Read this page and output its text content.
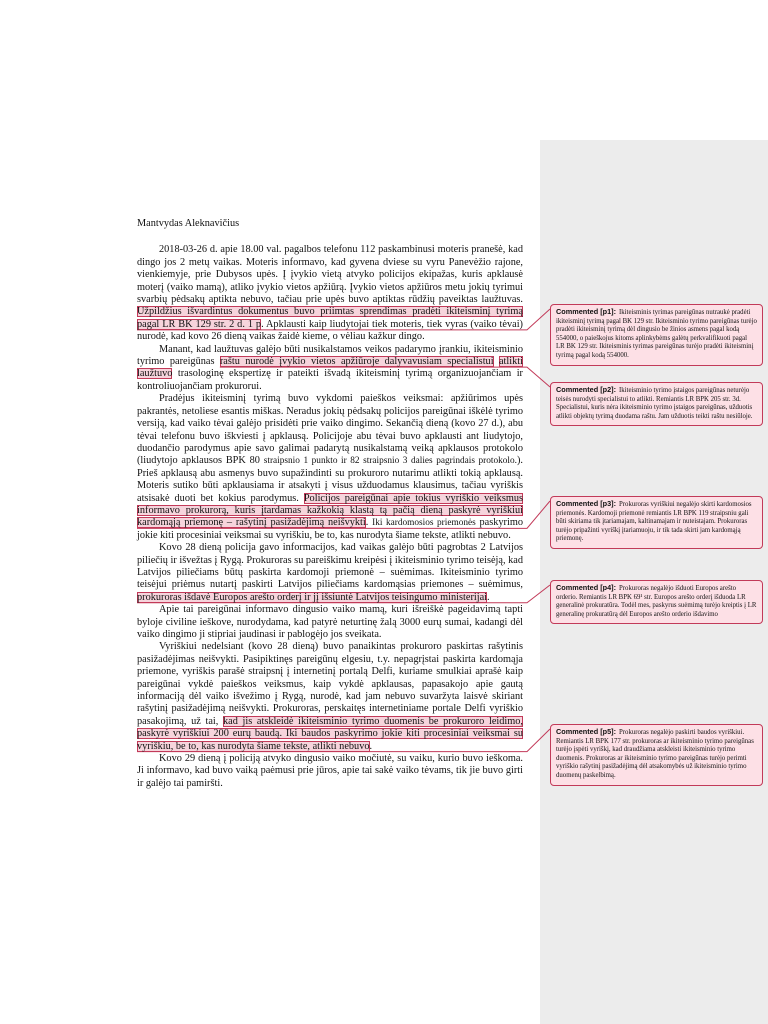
Mantvydas Aleknavičius

2018-03-26 d. apie 18.00 val. pagalbos telefonu 112 paskambinusi moteris pranešė, kad dingo jos 2 metų vaikas. Moteris informavo, kad gyvena dviese su vyru Panevėžio rajone, vienkiemyje, prie Dubysos upės. Į įvykio vietą atvyko policijos ekipažas, kuris apklausė moterį (vaiko mamą), atliko įvykio vietos apžiūrą. Įvykio vietos apžiūros metu jokių tyrimui svarbių pėdsakų aptikta nebuvo, tačiau prie upės buvo aptiktas rūdžių paveiktas laužtuvas. Užpildžius išvardintus dokumentus buvo priimtas sprendimas pradėti ikiteisminį tyrimą pagal LR BK 129 str. 2 d. 1 p. Apklausti kaip liudytojai tiek moteris, tiek vyras (vaiko tėvai) nurodė, kad kovo 26 dieną vaikas žaidė kieme, o vėliau kažkur dingo.

Manant, kad laužtuvas galėjo būti nusikalstamos veikos padarymo įrankiu, ikiteisminio tyrimo pareigūnas raštu nurodė įvykio vietos apžiūroje dalyvavusiam specialistui atlikti laužtuvo trasologinę ekspertizę ir pateikti išvadą ikiteisminį tyrimą organizuojančiam ir kontroliuojančiam prokurorui.

Pradėjus ikiteisminį tyrimą buvo vykdomi paieškos veiksmai: apžiūrimos upės pakrantės, netoliese esantis miškas. Neradus jokių pėdsakų policijos pareigūnai iškėlė tyrimo versiją, kad vaiko tėvai galėjo prisidėti prie vaiko dingimo. Sekančią dieną (kovo 27 d.), abu tėvai telefonu buvo iškviesti į apklausą. Policijoje abu tėvai buvo apklausti ant liudytojo, duodančio parodymus apie savo galimai padarytą nusikalstamą veiką apklausos protokolo (liudytojo apklausos BPK 80 straipsnio 1 punkto ir 82 straipsnio 3 dalies pagrindais protokolo.). Prieš apklausą abu asmenys buvo supažindinti su prokuroro nutarimu atlikti tokią apklausą. Moteris sutiko būti apklausiama ir atsakyti į visus užduodamus klausimus, tačiau vyriškis atsisakė duoti bet kokius parodymus. Policijos pareigūnai apie tokius vyriškio veiksmus informavo prokurorą, kuris įtardamas kažkokią klastą tą pačią dieną paskyrė vyriškiui kardomąją priemonę – rašytinį pasižadėjimą neišvykti. Iki kardomosios priemonės paskyrimo jokie kiti procesiniai veiksmai su vyriškiu, be to, kas nurodyta šiame tekste, atlikti nebuvo.

Kovo 28 dieną policija gavo informacijos, kad vaikas galėjo būti pagrobtas 2 Latvijos piliečių ir išvežtas į Rygą. Prokuroras su pareiškimu kreipėsi į ikiteisminio tyrimo teisėją, kad Latvijos piliečiams būtų paskirta kardomoji priemonė – suėmimas. Ikiteisminio tyrimo teisėjui priėmus nutartį paskirti Latvijos piliečiams kardomąsias priemones – suėmimus, prokuroras išdavė Europos arešto orderį ir jį išsiuntė Latvijos teisingumo ministerijai.

Apie tai pareigūnai informavo dingusio vaiko mamą, kuri išreiškė pageidavimą tapti byloje civiline ieškove, nurodydama, kad patyrė neturtinę žalą 3000 eurų sumai, kadangi dėl vaiko dingimo ji stipriai jaudinasi ir pablogėjo jos sveikata.

Vyriškiui nedelsiant (kovo 28 dieną) buvo panaikintas prokuroro paskirtas rašytinis pasižadėjimas neišvykti. Pasipiktinęs pareigūnų elgesiu, t.y. nepagrįstai paskirta kardomąja priemone, vyriškis parašė straipsnį į internetinį portalą Delfi, kuriame smulkiai aprašė kaip pareigūnai vykdė paieškos veiksmus, kaip vykdė apklausas, papasakojo apie gautą informaciją dėl vaiko išvežimo į Rygą, nurodė, kad jam nebuvo suvaržyta laisvė skiriant rašytinį pasižadėjimą neišvykti. Prokuroras, perskaitęs internetiniame portale Delfi vyriškio pasakojimą, už tai, kad jis atskleidė ikiteisminio tyrimo duomenis be prokuroro leidimo, paskyrė vyriškiui 200 eurų baudą. Iki baudos paskyrimo jokie kiti procesiniai veiksmai su vyriškiu, be to, kas nurodyta šiame tekste, atlikti nebuvo.

Kovo 29 dieną į policiją atvyko dingusio vaiko močiutė, su vaiku, kurio buvo ieškoma. Ji informavo, kad buvo vaiką paėmusi prie jūros, apie tai sakė vaiko tėvams, tik jie buvo girti ir galėjo tai pamiršti.

Commented [p1]: Ikiteisminis tyrimas pareigūnas nutraukė pradėti ikiteisminį tyrimą pagal BK 129 str. Ikiteisminio tyrimo pareigūnas turėjo pradėti ikiteisminį tyrimą dėl dingusio be žinios asmens pagal kodą 554000, o paieškojus kitoms aplinkybėms galėtų perkvalifikuoti pagal LR BK 129 str. Ikiteisminis tyrimas pareigūnas turėjo pradėti ikiteisminį tyrimą pagal kodą 554000.
Commented [p2]: Ikiteisminio tyrimo įstaigos pareigūnas neturėjo teisės nurodyti specialistui to atlikti. Remiantis LR BPK 205 str. 3d. Specialistui, kuris nėra ikiteisminio tyrimo įstaigos pareigūnas, užduotis atlikti objektų tyrimą duodama raštu. Jam užduotis teikti raštu nesiūloje.
Commented [p3]: Prokuroras vyriškiui negalėjo skirti kardomosios priemonės. Kardomoji priemonė remiantis LR BPK 119 straipsniu gali būti skiriama tik įtariamajam, kaltinamajam ir nuteistajam. Prokuroras turėjo pripažinti vyriškį įtariamuoju, ir tik tada skirti jam kardomąją priemonę.
Commented [p4]: Prokuroras negalėjo išduoti Europos arešto orderio. Remiantis LR BPK 69¹ str. Europos arešto orderį išduoda LR generalinė prokuratūra. Todėl mes, paskyrus suėmimą turėjo kreiptis į LR generalinę prokuratūrą dėl Europos arešto orderio išdavimo
Commented [p5]: Prokuroras negalėjo paskirti baudos vyriškiui. Remiantis LR BPK 177 str. prokuroras ar ikiteisminio tyrimo pareigūnas turėjo įspėti vyriškį, kad draudžiama atskleisti ikiteisminio tyrimo duomenis. Prokuroras ar ikiteisminio tyrimo pareigūnas turėjo perimti vyriškio rašytinį pasižadėjimą dėl atsakomybės už ikiteisminio tyrimo duomenų paskelbimą.
